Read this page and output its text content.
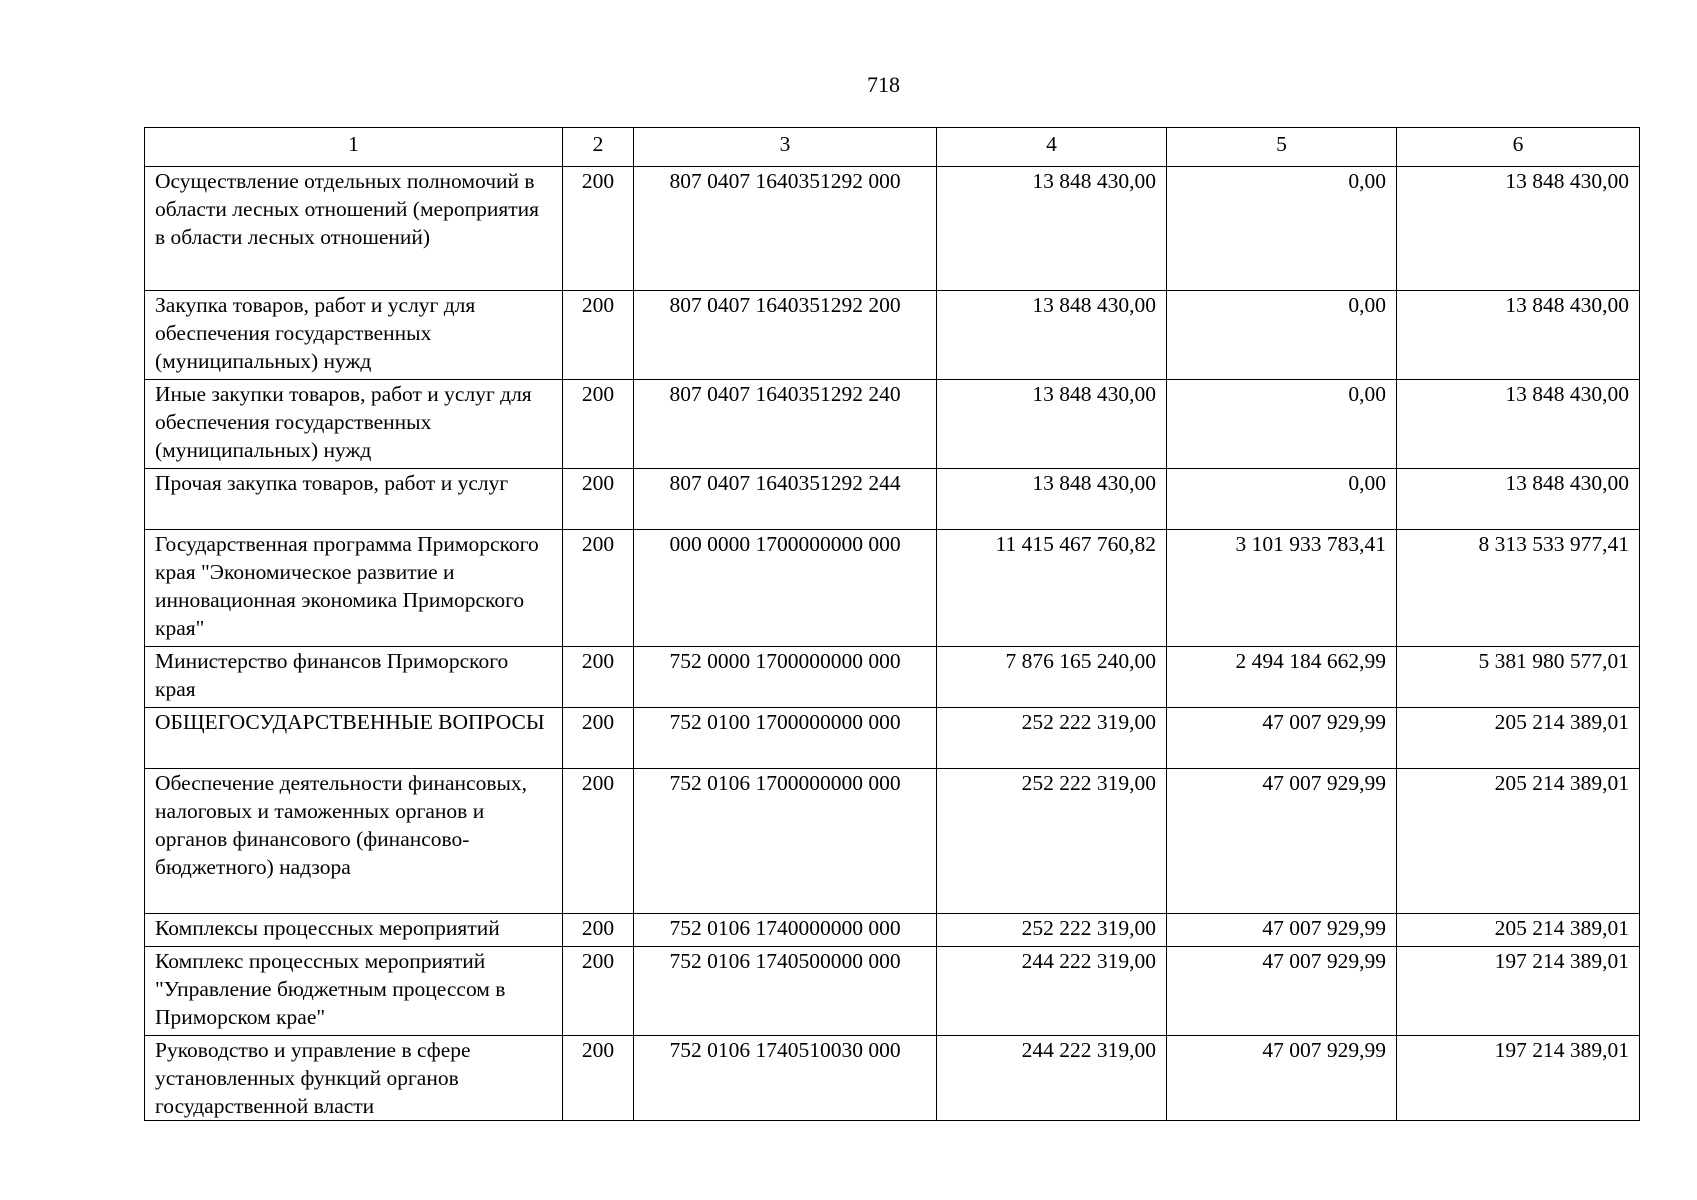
718
1	2	3	4	5	6
Осуществление отдельных полномочий в области лесных отношений (мероприятия в области лесных отношений)	200	807 0407 1640351292 000	13 848 430,00	0,00	13 848 430,00
Закупка товаров, работ и услуг для обеспечения государственных (муниципальных) нужд	200	807 0407 1640351292 200	13 848 430,00	0,00	13 848 430,00
Иные закупки товаров, работ и услуг для обеспечения государственных (муниципальных) нужд	200	807 0407 1640351292 240	13 848 430,00	0,00	13 848 430,00
Прочая закупка товаров, работ и услуг	200	807 0407 1640351292 244	13 848 430,00	0,00	13 848 430,00
Государственная программа Приморского края "Экономическое развитие и инновационная экономика Приморского края"	200	000 0000 1700000000 000	11 415 467 760,82	3 101 933 783,41	8 313 533 977,41
Министерство финансов Приморского края	200	752 0000 1700000000 000	7 876 165 240,00	2 494 184 662,99	5 381 980 577,01
ОБЩЕГОСУДАРСТВЕННЫЕ ВОПРОСЫ	200	752 0100 1700000000 000	252 222 319,00	47 007 929,99	205 214 389,01
Обеспечение деятельности финансовых, налоговых и таможенных органов и органов финансового (финансово-бюджетного) надзора	200	752 0106 1700000000 000	252 222 319,00	47 007 929,99	205 214 389,01
Комплексы процессных мероприятий	200	752 0106 1740000000 000	252 222 319,00	47 007 929,99	205 214 389,01
Комплекс процессных мероприятий "Управление бюджетным процессом в Приморском крае"	200	752 0106 1740500000 000	244 222 319,00	47 007 929,99	197 214 389,01
Руководство и управление в сфере установленных функций органов государственной власти	200	752 0106 1740510030 000	244 222 319,00	47 007 929,99	197 214 389,01
